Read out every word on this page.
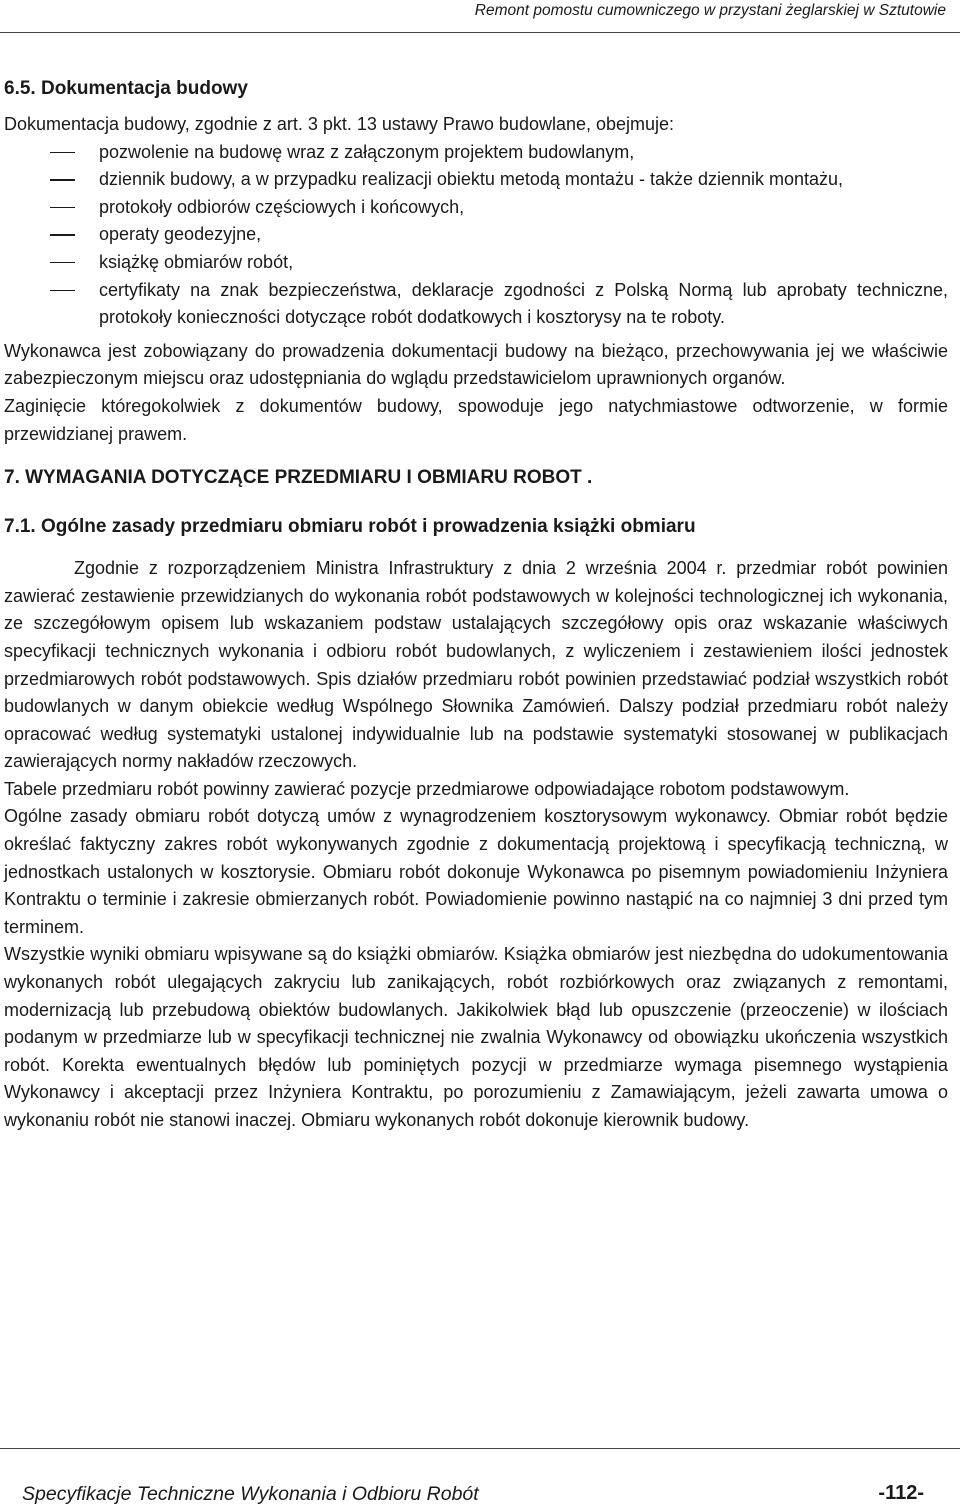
Remont pomostu cumowniczego w przystani żeglarskiej w Sztutowie
6.5. Dokumentacja budowy

Dokumentacja budowy, zgodnie z art. 3 pkt. 13 ustawy Prawo budowlane, obejmuje:

pozwolenie na budowę wraz z załączonym projektem budowlanym,
dziennik budowy, a w przypadku realizacji obiektu metodą montażu - także dziennik montażu,
protokoły odbiorów częściowych i końcowych,
operaty geodezyjne,
książkę obmiarów robót,
certyfikaty na znak bezpieczeństwa, deklaracje zgodności z Polską Normą lub aprobaty techniczne, protokoły konieczności dotyczące robót dodatkowych i kosztorysy na te roboty.

Wykonawca jest zobowiązany do prowadzenia dokumentacji budowy na bieżąco, przechowywania jej we właściwie zabezpieczonym miejscu oraz udostępniania do wglądu przedstawicielom uprawnionych organów.

Zaginięcie któregokolwiek z dokumentów budowy, spowoduje jego natychmiastowe odtworzenie, w formie przewidzianej prawem.

7. WYMAGANIA DOTYCZĄCE PRZEDMIARU I OBMIARU ROBOT .
7.1. Ogólne zasady przedmiaru obmiaru robót i prowadzenia książki obmiaru

Zgodnie z rozporządzeniem Ministra Infrastruktury z dnia 2 września 2004 r. przedmiar robót powinien zawierać zestawienie przewidzianych do wykonania robót podstawowych w kolejności technologicznej ich wykonania, ze szczegółowym opisem lub wskazaniem podstaw ustalających szczegółowy opis oraz wskazanie właściwych specyfikacji technicznych wykonania i odbioru robót budowlanych, z wyliczeniem i zestawieniem ilości jednostek przedmiarowych robót podstawowych. Spis działów przedmiaru robót powinien przedstawiać podział wszystkich robót budowlanych w danym obiekcie według Wspólnego Słownika Zamówień. Dalszy podział przedmiaru robót należy opracować według systematyki ustalonej indywidualnie lub na podstawie systematyki stosowanej w publikacjach zawierających normy nakładów rzeczowych.

Tabele przedmiaru robót powinny zawierać pozycje przedmiarowe odpowiadające robotom podstawowym.

Ogólne zasady obmiaru robót dotyczą umów z wynagrodzeniem kosztorysowym wykonawcy. Obmiar robót będzie określać faktyczny zakres robót wykonywanych zgodnie z dokumentacją projektową i specyfikacją techniczną, w jednostkach ustalonych w kosztorysie. Obmiaru robót dokonuje Wykonawca po pisemnym powiadomieniu Inżyniera Kontraktu o terminie i zakresie obmierzanych robót. Powiadomienie powinno nastąpić na co najmniej 3 dni przed tym terminem.

Wszystkie wyniki obmiaru wpisywane są do książki obmiarów. Książka obmiarów jest niezbędna do udokumentowania wykonanych robót ulegających zakryciu lub zanikających, robót rozbiórkowych oraz związanych z remontami, modernizacją lub przebudową obiektów budowlanych. Jakikolwiek błąd lub opuszczenie (przeoczenie) w ilościach podanym w przedmiarze lub w specyfikacji technicznej nie zwalnia Wykonawcy od obowiązku ukończenia wszystkich robót. Korekta ewentualnych błędów lub pominiętych pozycji w przedmiarze wymaga pisemnego wystąpienia Wykonawcy i akceptacji przez Inżyniera Kontraktu, po porozumieniu z Zamawiającym, jeżeli zawarta umowa o wykonaniu robót nie stanowi inaczej. Obmiaru wykonanych robót dokonuje kierownik budowy.

Specyfikacje Techniczne Wykonania i Odbioru Robót	-112-
